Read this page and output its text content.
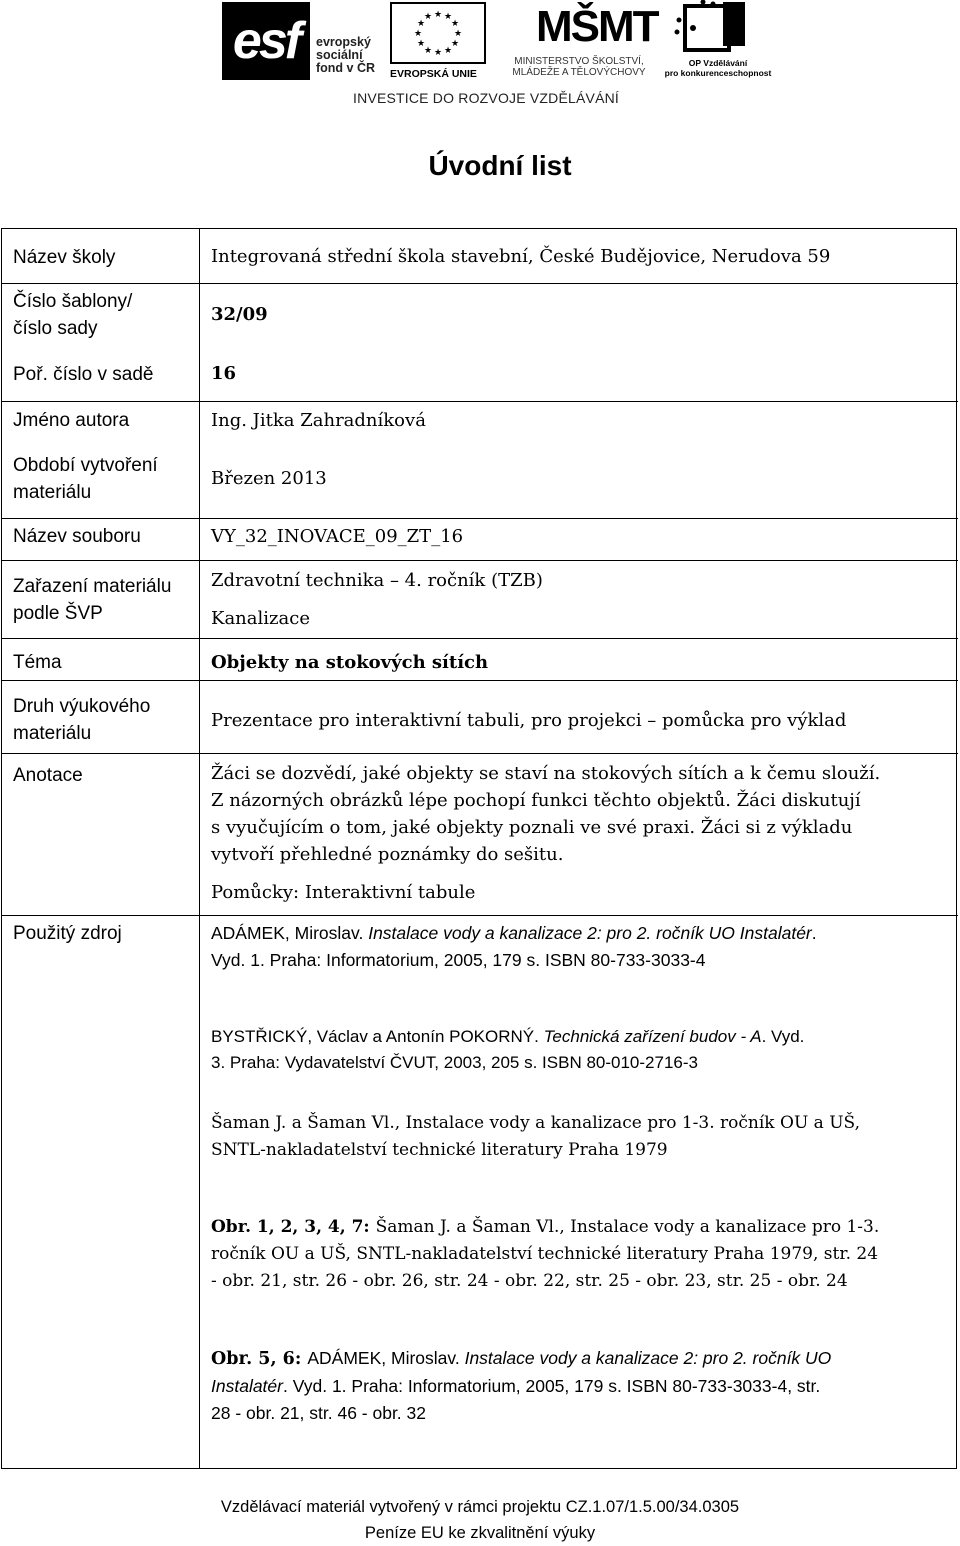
esf	evropský
sociální
fond v ČR
★ ★
★
★
★
★
★
★
★
★
★
★
EVROPSKÁ UNIE
MŠMT
MINISTERSTVO ŠKOLSTVÍ,
MLÁDEŽE A TĚLOVÝCHOVY
OP Vzdělávání
pro konkurenceschopnost
INVESTICE DO ROZVOJE VZDĚLÁVÁNÍ
Úvodní list
Název školy
Číslo šablony/
číslo sady
Poř. číslo v sadě
Jméno autora
Období vytvoření
materiálu
Název souboru
Zařazení materiálu
podle ŠVP
Téma
Druh výukového
materiálu
Anotace
Použitý zdroj
Integrovaná střední škola stavební, České Budějovice, Nerudova 59
32/09
16
Ing. Jitka Zahradníková
Březen 2013
VY_32_INOVACE_09_ZT_16
Zdravotní technika – 4. ročník (TZB)
Kanalizace
Objekty na stokových sítích
Prezentace pro interaktivní tabuli, pro projekci – pomůcka pro výklad
Žáci se dozvědí, jaké objekty se staví na stokových sítích a k čemu slouží.
Z názorných obrázků lépe pochopí funkci těchto objektů. Žáci diskutují
s vyučujícím o tom, jaké objekty poznali ve své praxi. Žáci si z výkladu
vytvoří přehledné poznámky do sešitu.
Pomůcky: Interaktivní tabule
ADÁMEK, Miroslav. Instalace vody a kanalizace 2: pro 2. ročník UO Instalatér.
Vyd. 1. Praha: Informatorium, 2005, 179 s. ISBN 80-733-3033-4
BYSTŘICKÝ, Václav a Antonín POKORNÝ. Technická zařízení budov - A. Vyd.
3. Praha: Vydavatelství ČVUT, 2003, 205 s. ISBN 80-010-2716-3
Šaman J. a Šaman Vl., Instalace vody a kanalizace pro 1-3. ročník OU a UŠ,
SNTL-nakladatelství technické literatury Praha 1979
Obr. 1, 2, 3, 4, 7: Šaman J. a Šaman Vl., Instalace vody a kanalizace pro 1-3.
ročník OU a UŠ, SNTL-nakladatelství technické literatury Praha 1979, str. 24
- obr. 21, str. 26 - obr. 26, str. 24 - obr. 22, str. 25 - obr. 23, str. 25 - obr. 24
Obr. 5, 6: ADÁMEK, Miroslav. Instalace vody a kanalizace 2: pro 2. ročník UO
Instalatér. Vyd. 1. Praha: Informatorium, 2005, 179 s. ISBN 80-733-3033-4, str.
28 - obr. 21, str. 46 - obr. 32
Vzdělávací materiál vytvořený v rámci projektu CZ.1.07/1.5.00/34.0305
Peníze EU ke zkvalitnění výuky
